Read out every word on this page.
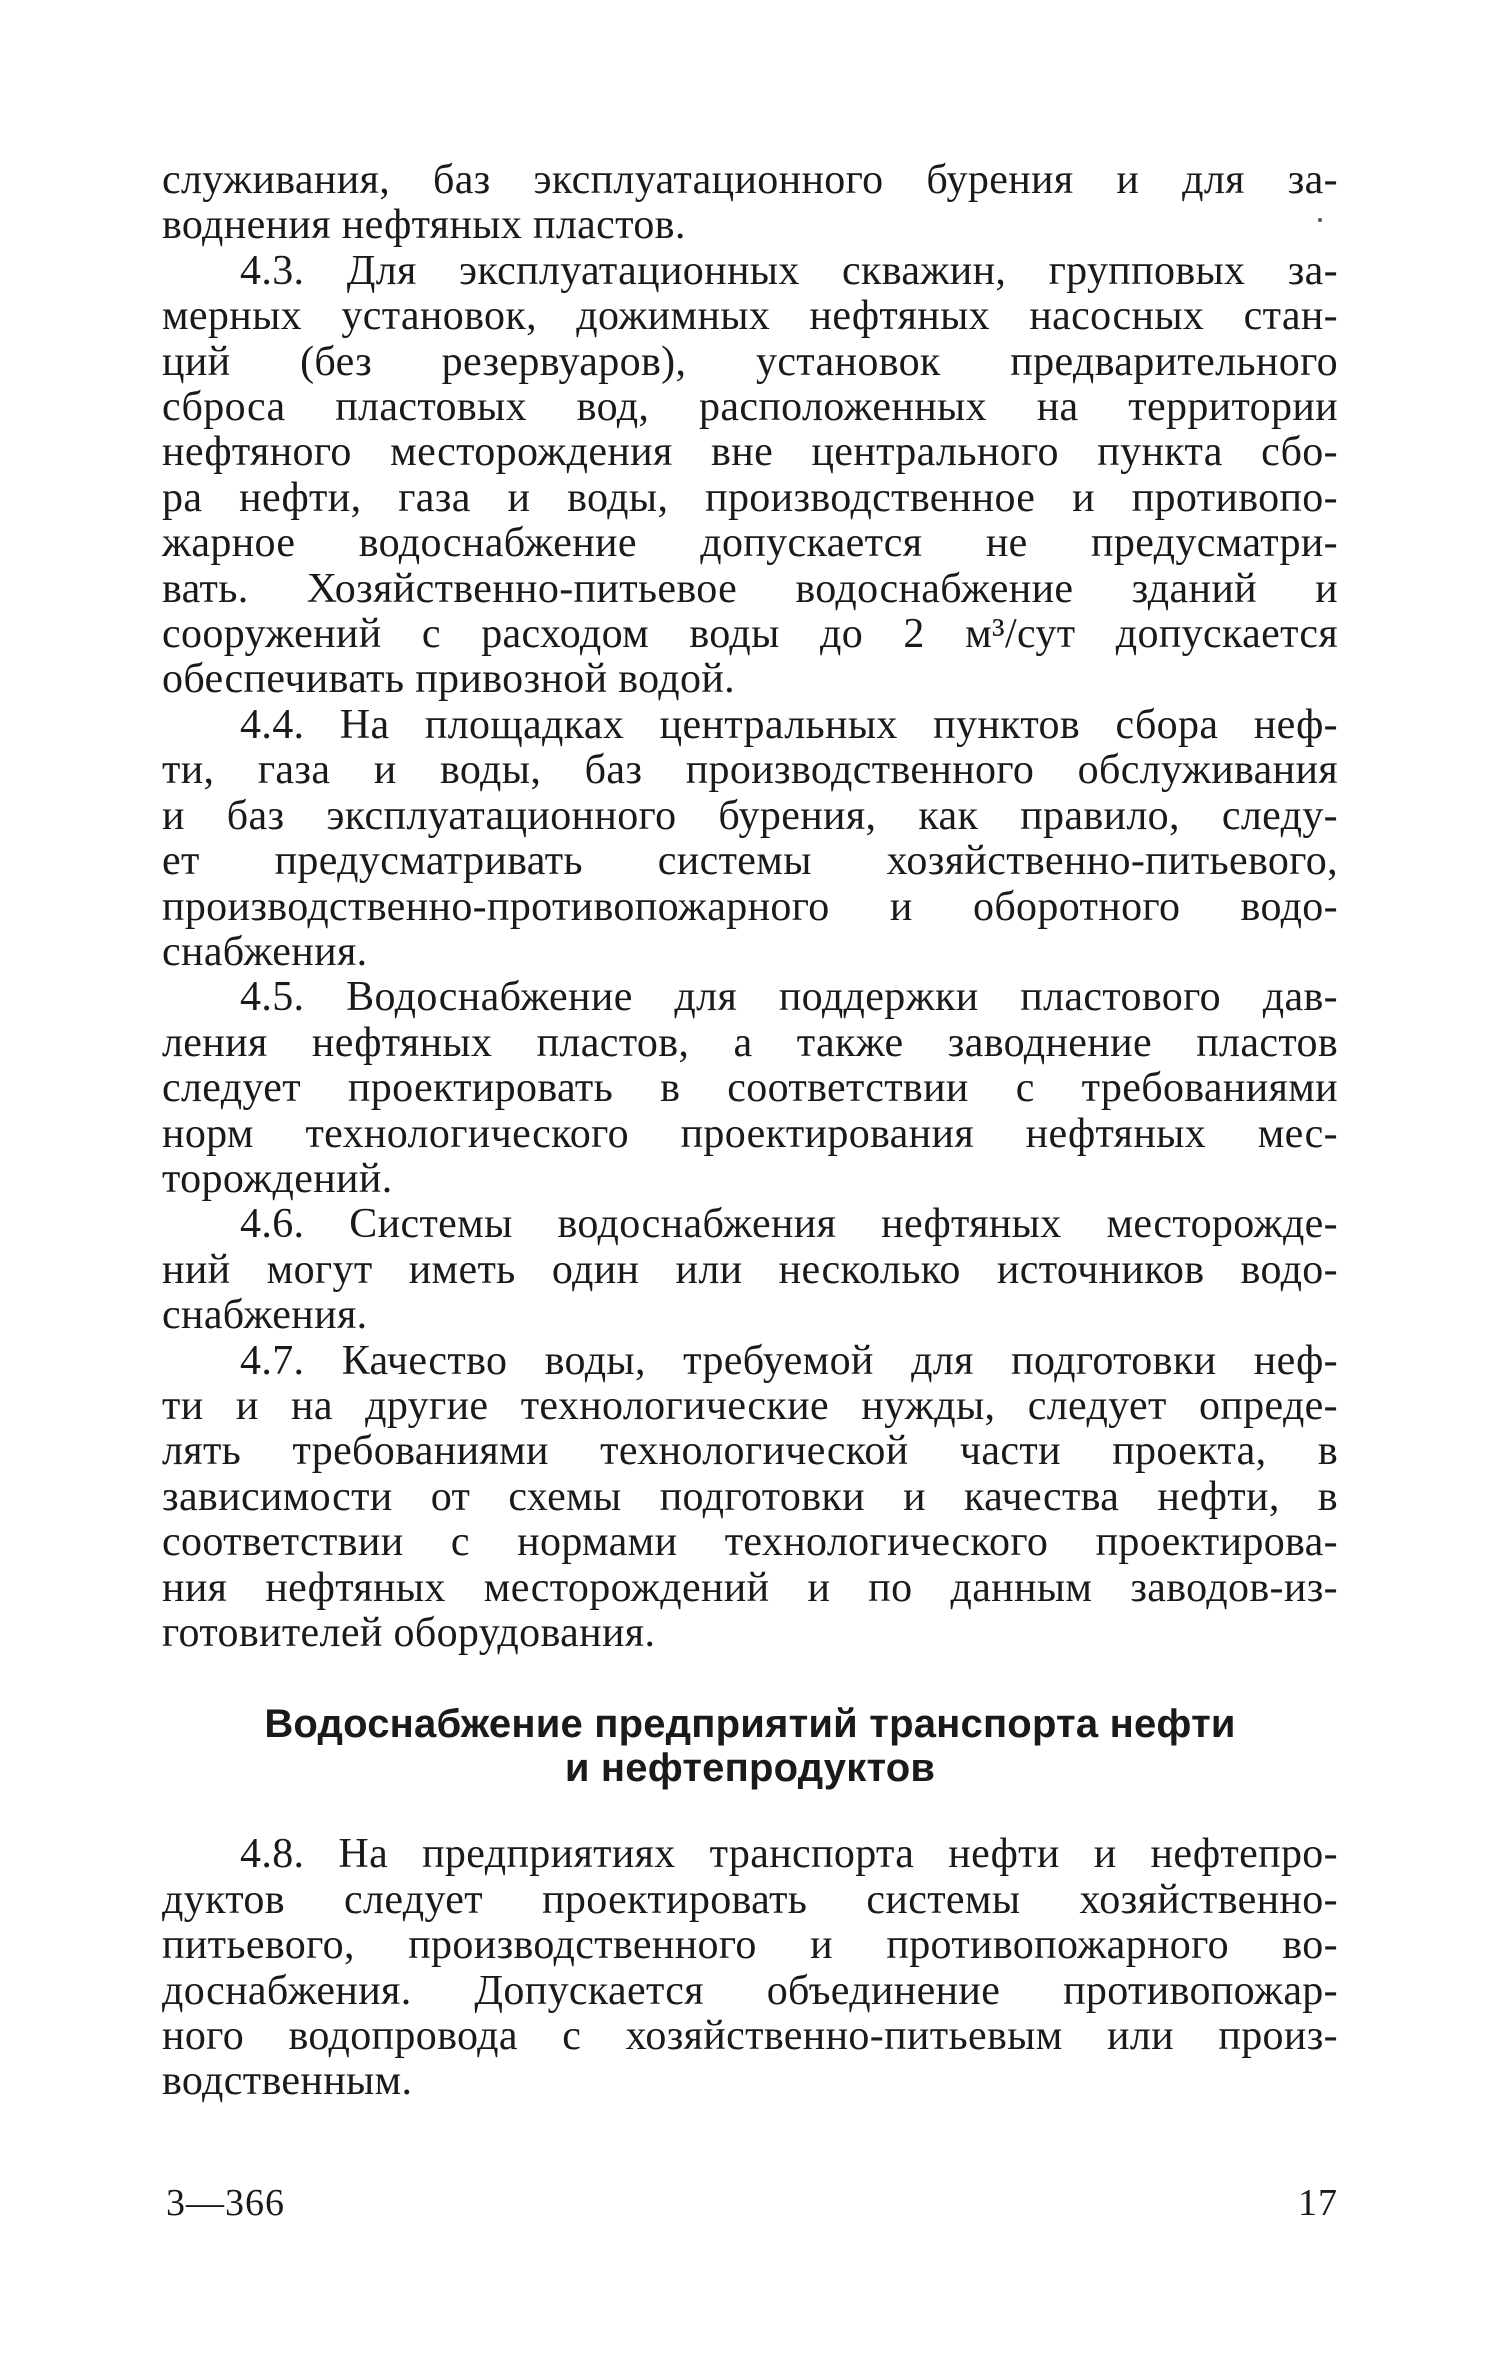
служивания, баз эксплуатационного бурения и для за-
воднения нефтяных пластов.

4.3. Для эксплуатационных скважин, групповых за-
мерных установок, дожимных нефтяных насосных стан-
ций (без резервуаров), установок предварительного
сброса пластовых вод, расположенных на территории
нефтяного месторождения вне центрального пункта сбо-
ра нефти, газа и воды, производственное и противопо-
жарное водоснабжение допускается не предусматри-
вать. Хозяйственно-питьевое водоснабжение зданий и
сооружений с расходом воды до 2 м³/сут допускается
обеспечивать привозной водой.

4.4. На площадках центральных пунктов сбора неф-
ти, газа и воды, баз производственного обслуживания
и баз эксплуатационного бурения, как правило, следу-
ет предусматривать системы хозяйственно-питьевого,
производственно-противопожарного и оборотного водо-
снабжения.

4.5. Водоснабжение для поддержки пластового дав-
ления нефтяных пластов, а также заводнение пластов
следует проектировать в соответствии с требованиями
норм технологического проектирования нефтяных мес-
торождений.

4.6. Системы водоснабжения нефтяных месторожде-
ний могут иметь один или несколько источников водо-
снабжения.

4.7. Качество воды, требуемой для подготовки неф-
ти и на другие технологические нужды, следует опреде-
лять требованиями технологической части проекта, в
зависимости от схемы подготовки и качества нефти, в
соответствии с нормами технологического проектирова-
ния нефтяных месторождений и по данным заводов-из-
готовителей оборудования.

Водоснабжение предприятий транспорта нефти
и нефтепродуктов

4.8. На предприятиях транспорта нефти и нефтепро-
дуктов следует проектировать системы хозяйственно-
питьевого, производственного и противопожарного во-
доснабжения. Допускается объединение противопожар-
ного водопровода с хозяйственно-питьевым или произ-
водственным.

3—366	17
